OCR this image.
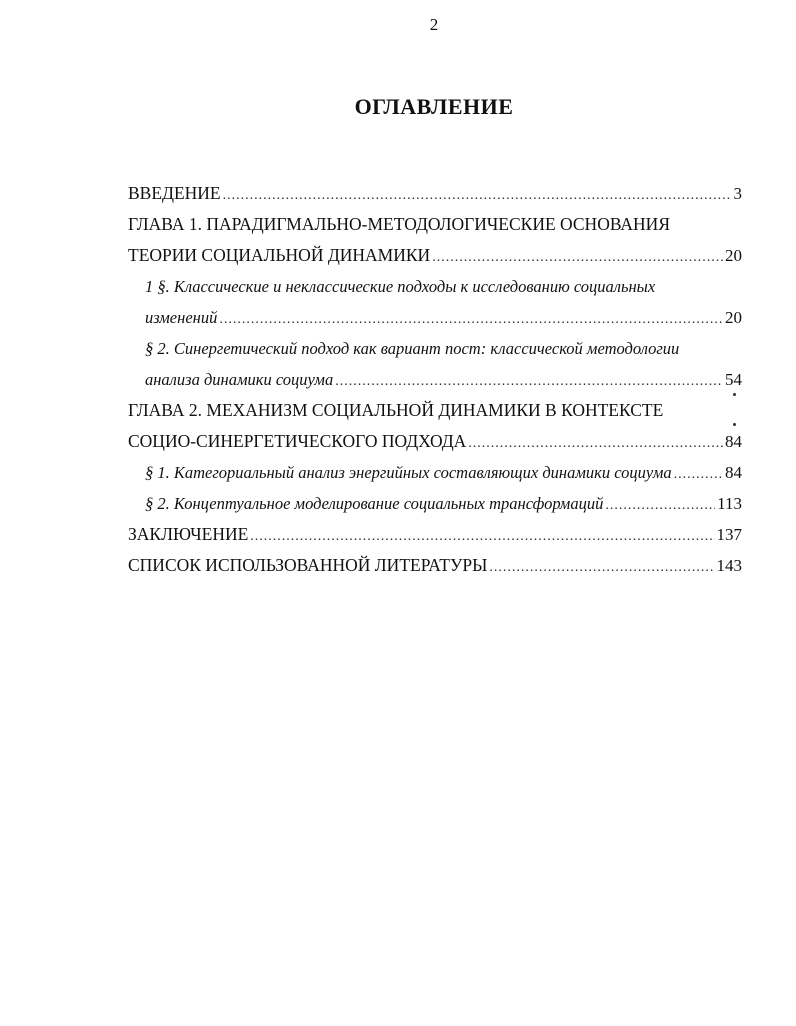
2
ОГЛАВЛЕНИЕ
ВВЕДЕНИЕ .....	3
ГЛАВА 1. ПАРАДИГМАЛЬНО-МЕТОДОЛОГИЧЕСКИЕ ОСНОВАНИЯ
ТЕОРИИ СОЦИАЛЬНОЙ ДИНАМИКИ .....	20
1 §. Классические и неклассические подходы к исследованию социальных
изменений .....	20
§ 2. Синергетический подход как вариант пост: классической методологии
анализа динамики социума .....	54
ГЛАВА 2. МЕХАНИЗМ СОЦИАЛЬНОЙ ДИНАМИКИ В КОНТЕКСТЕ
СОЦИО-СИНЕРГЕТИЧЕСКОГО ПОДХОДА .....	84
§ 1. Категориальный анализ энергийных составляющих динамики социума .....	84
§ 2. Концептуальное моделирование социальных трансформаций .....	113
ЗАКЛЮЧЕНИЕ .....	137
СПИСОК ИСПОЛЬЗОВАННОЙ ЛИТЕРАТУРЫ .....	143
